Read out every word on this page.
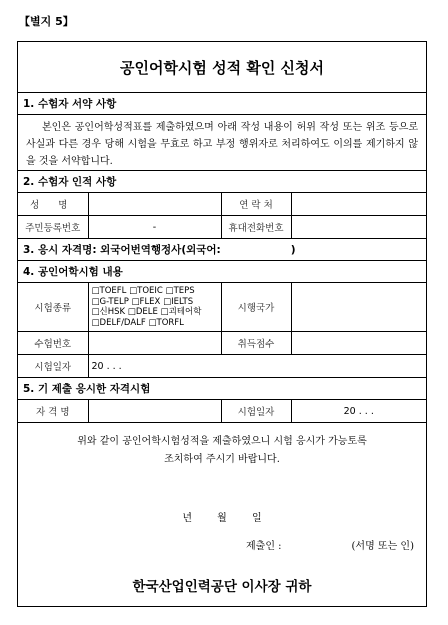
【별지 5】
공인어학시험 성적 확인 신청서
1. 수험자 서약 사항
본인은 공인어학성적표를 제출하였으며 아래 작성 내용이 허위 작성 또는 위조 등으로 사실과 다른 경우 당해 시험을 무효로 하고 부정 행위자로 처리하여도 이의를 제기하지 않을 것을 서약합니다.
2. 수험자 인적 사항
성 명		연 락 처	
주민등록번호	-	휴대전화번호	
3. 응시 자격명: 외국어번역행정사(외국어:	)
4. 공인어학시험 내용
시험종류	□TOEFL □TOEIC □TEPS
□G-TELP □FLEX □IELTS
□신HSK □DELE □괴테어학
□DELF/DALF □TORFL	시행국가	
수험번호		취득점수	
시험일자	20 . . .		
5. 기 제출 응시한 자격시험
자 격 명		시험일자	20 . . .
위와 같이 공인어학시험성적을 제출하였으니 시험 응시가 가능토록
조치하여 주시기 바랍니다.
년 월 일
제출인 :	(서명 또는 인)
한국산업인력공단 이사장 귀하
